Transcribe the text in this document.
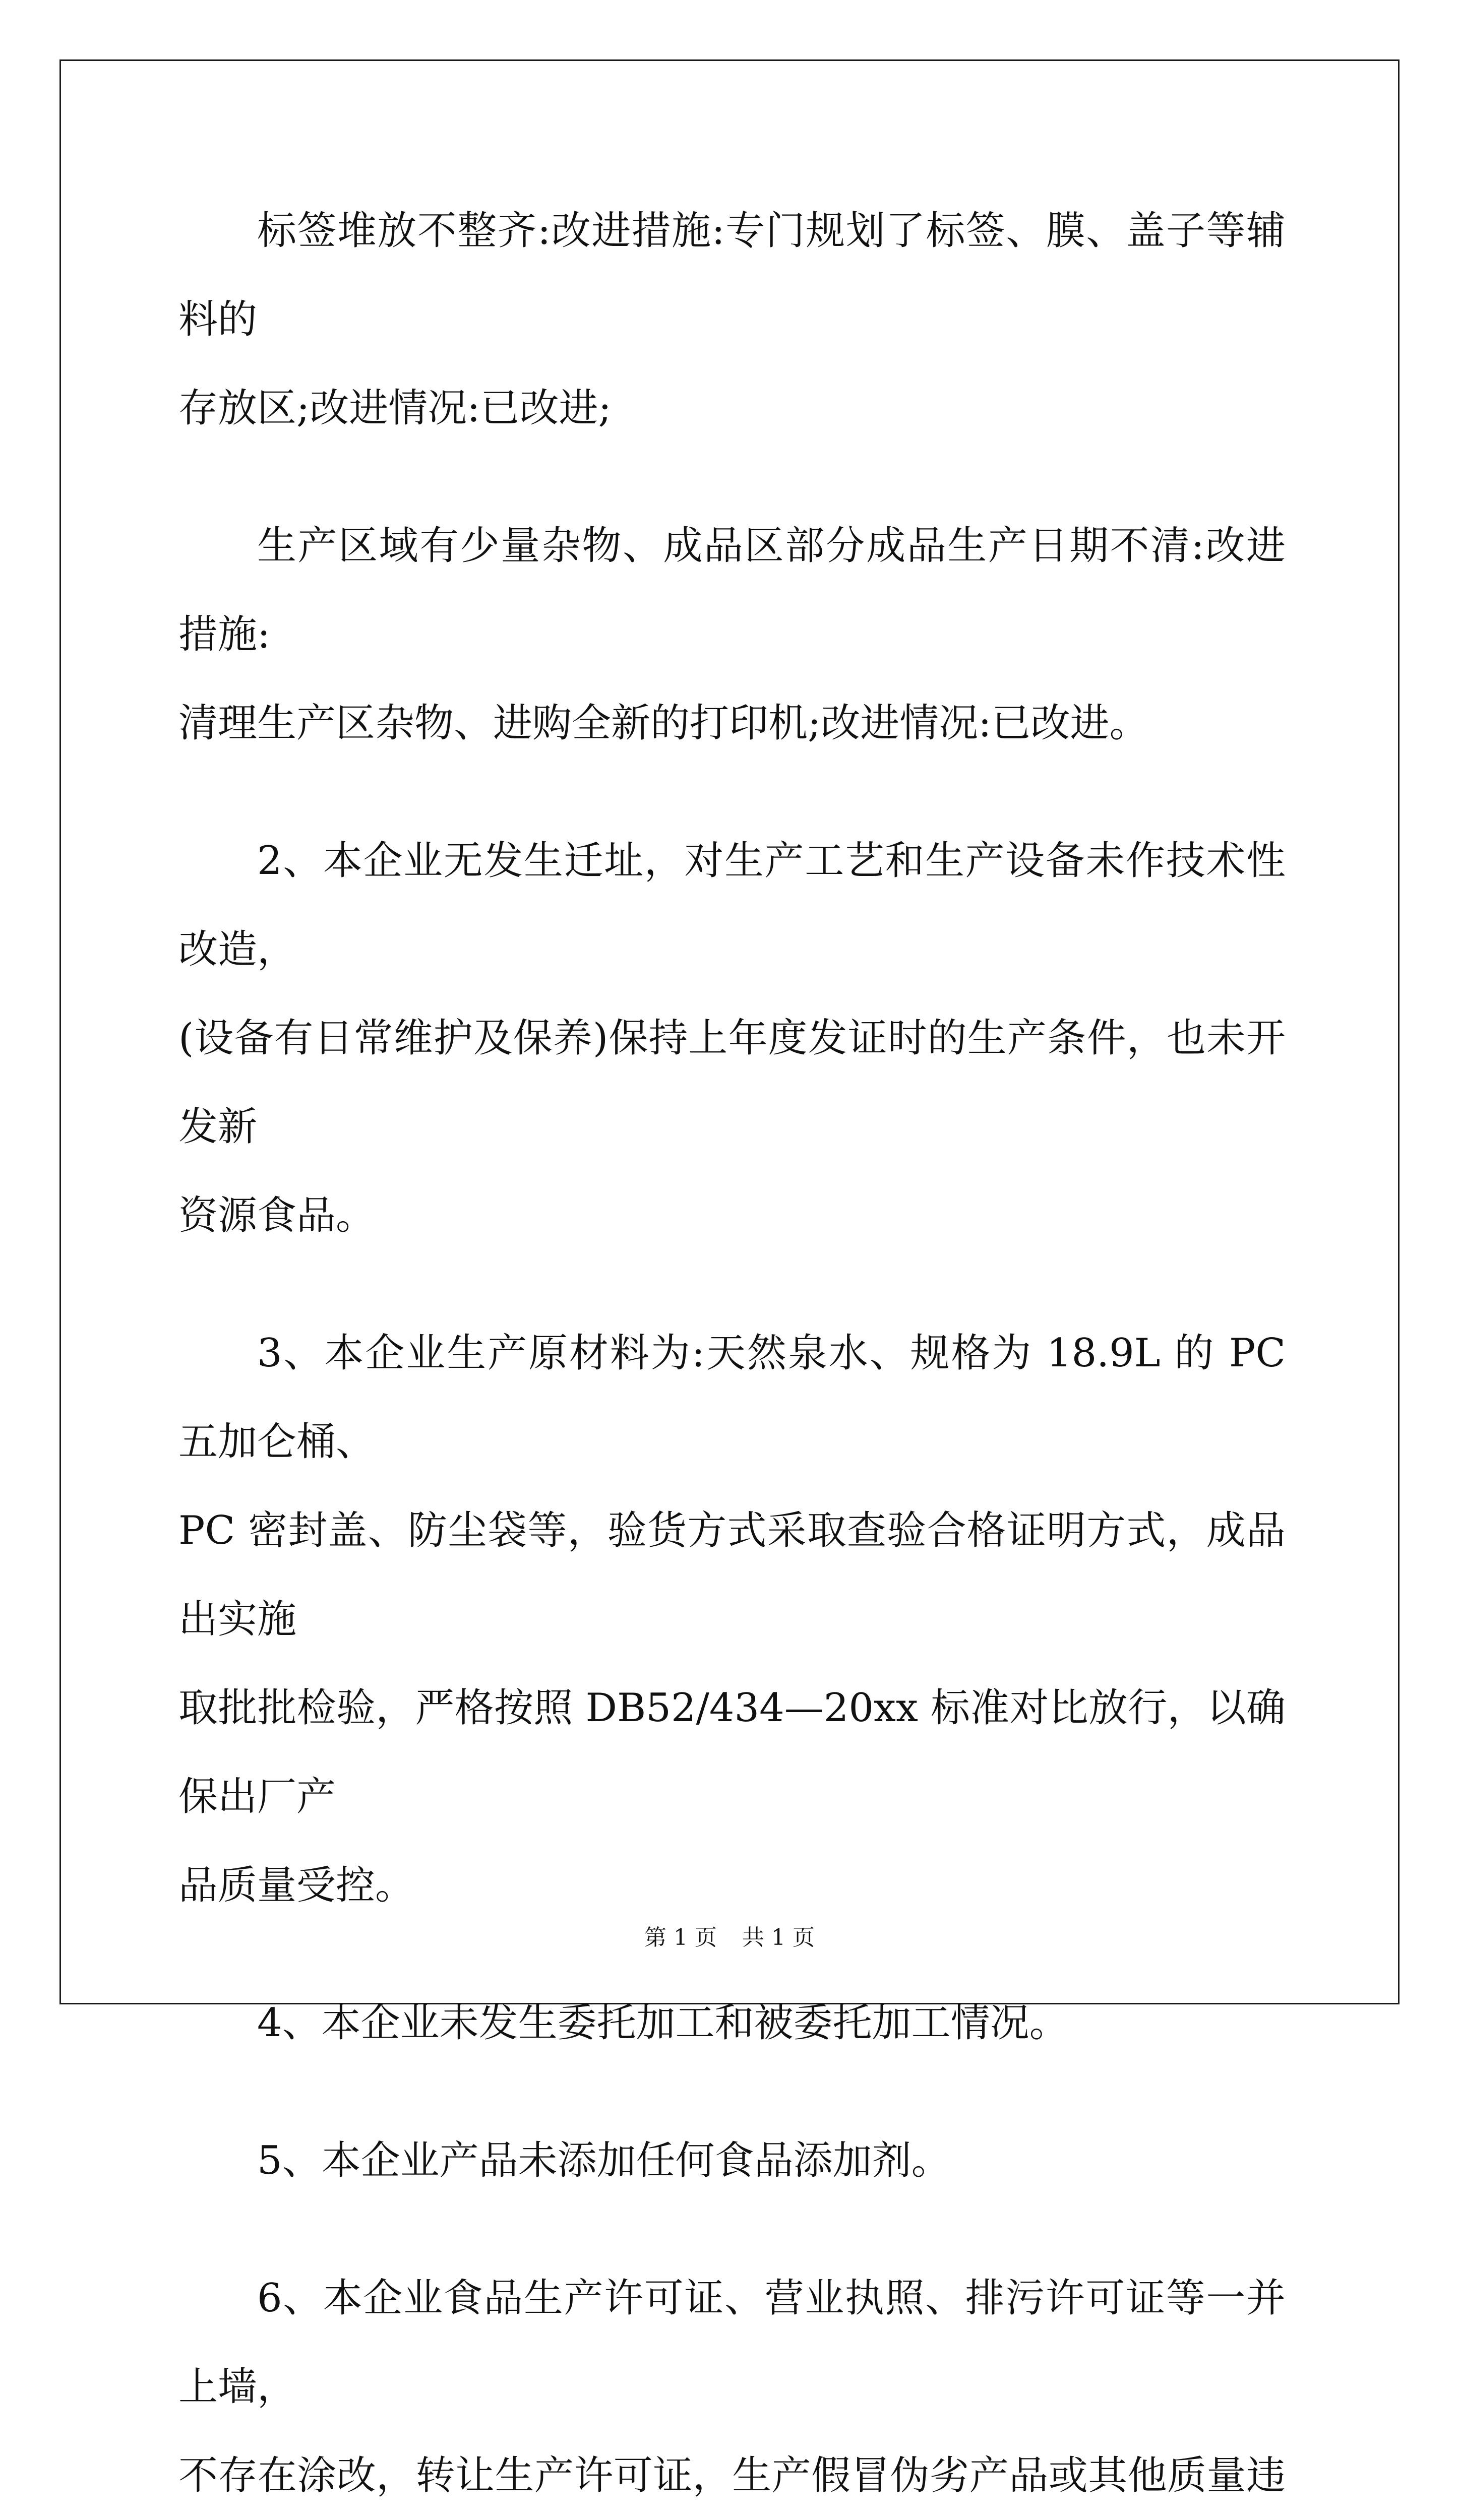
标签堆放不整齐:改进措施:专门规划了标签、膜、盖子等辅料的
存放区;改进情况:已改进;
生产区域有少量杂物、成品区部分成品生产日期不清:改进措施:
清理生产区杂物、进购全新的打印机;改进情况:已改进。
2、本企业无发生迁址，对生产工艺和生产设备未作技术性改造，
(设备有日常维护及保养)保持上年度发证时的生产条件，也未开发新
资源食品。
3、本企业生产原材料为:天然泉水、规格为 18.9L 的 PC 五加仑桶、
PC 密封盖、防尘袋等，验货方式采取查验合格证明方式，成品出实施
取批批检验，严格按照 DB52/434—20xx 标准对比放行，以确保出厂产
品质量受控。
4、本企业未发生委托加工和被委托加工情况。
5、本企业产品未添加任何食品添加剂。
6、本企业食品生产许可证、营业执照、排污许可证等一并上墙，
不存在涂改，转让生产许可证，生产假冒伪劣产品或其他质量违
第 1 页 共 1 页
